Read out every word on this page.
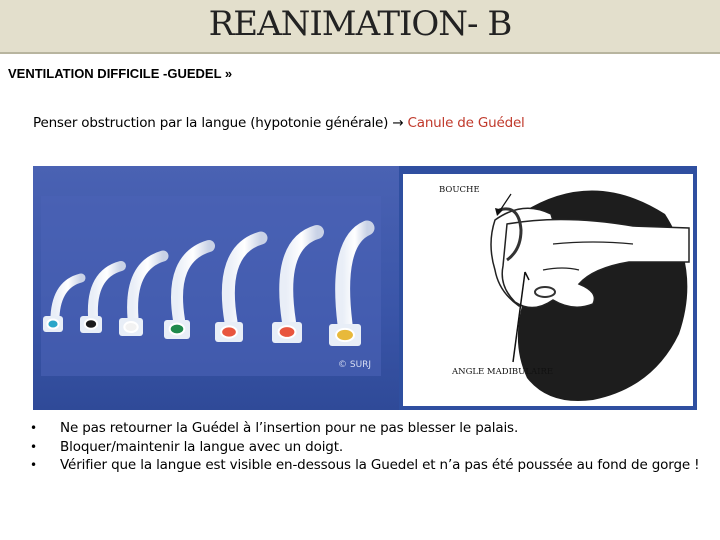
REANIMATION- B
VENTILATION DIFFICILE -GUEDEL »
Penser obstruction par la langue (hypotonie générale) → Canule de Guédel
© SURJ
BOUCHE
ANGLE MADIBULAIRE
• Ne pas retourner la Guédel à l’insertion pour ne pas blesser le palais.
• Bloquer/maintenir la langue avec un doigt.
• Vérifier que la langue est visible en-dessous la Guedel et n’a pas été poussée au fond de gorge !
